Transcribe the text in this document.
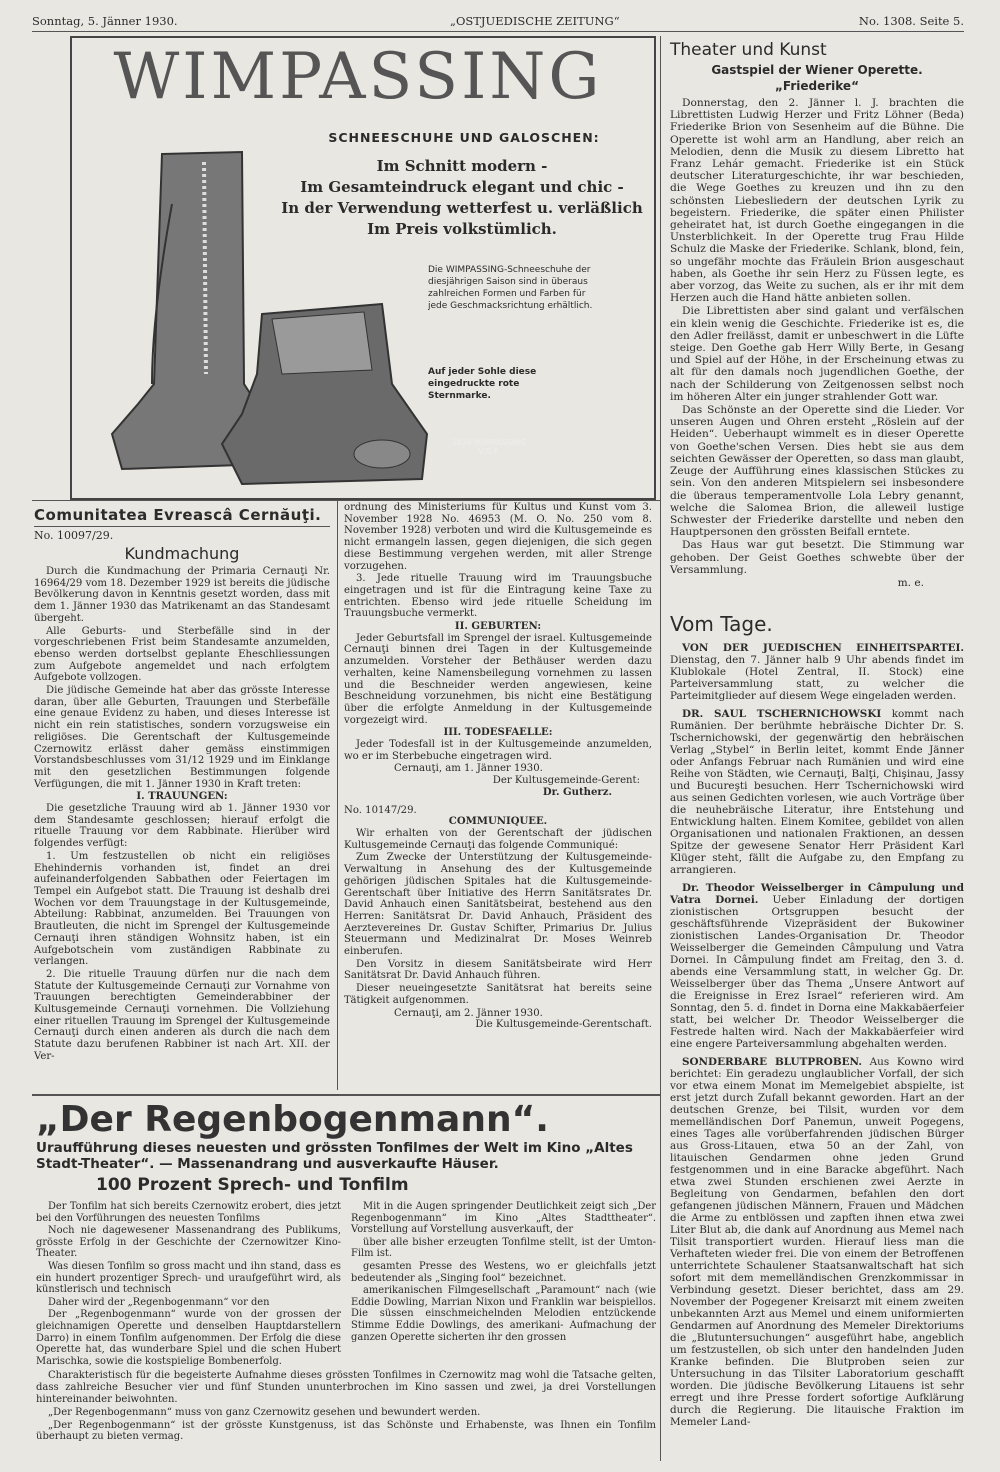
Sonntag, 5. Jänner 1930.	„OSTJUEDISCHE ZEITUNG“	No. 1308. Seite 5.
WIMPASSING
SCHNEESCHUHE UND GALOSCHEN:
Im Schnitt modern -
Im Gesamteindruck elegant und chic -
In der Verwendung wetterfest u. verläßlich
Im Preis volkstümlich.
Die WIMPASSING-Schneeschuhe der diesjährigen Saison sind in überaus zahlreichen Formen und Farben für jede Geschmacksrichtung erhältlich.
Auf jeder Sohle diese eingedruckte rote Sternmarke.
1824 WIMPASSING V.G.F.
Theater und Kunst
Gastspiel der Wiener Operette.
„Friederike“

Donnerstag, den 2. Jänner l. J. brachten die Librettisten Ludwig Herzer und Fritz Löhner (Beda) Friederike Brion von Sesenheim auf die Bühne. Die Operette ist wohl arm an Handlung, aber reich an Melodien, denn die Musik zu diesem Libretto hat Franz Lehár gemacht. Friederike ist ein Stück deutscher Literaturgeschichte, ihr war beschieden, die Wege Goethes zu kreuzen und ihn zu den schönsten Liebesliedern der deutschen Lyrik zu begeistern. Friederike, die später einen Philister geheiratet hat, ist durch Goethe eingegangen in die Unsterblichkeit. In der Operette trug Frau Hilde Schulz die Maske der Friederike. Schlank, blond, fein, so ungefähr mochte das Fräulein Brion ausgeschaut haben, als Goethe ihr sein Herz zu Füssen legte, es aber vorzog, das Weite zu suchen, als er ihr mit dem Herzen auch die Hand hätte anbieten sollen.

Die Librettisten aber sind galant und verfälschen ein klein wenig die Geschichte. Friederike ist es, die den Adler freilässt, damit er unbeschwert in die Lüfte steige. Den Goethe gab Herr Willy Berte, in Gesang und Spiel auf der Höhe, in der Erscheinung etwas zu alt für den damals noch jugendlichen Goethe, der nach der Schilderung von Zeitgenossen selbst noch im höheren Alter ein junger strahlender Gott war.

Das Schönste an der Operette sind die Lieder. Vor unseren Augen und Ohren ersteht „Röslein auf der Heiden“. Ueberhaupt wimmelt es in dieser Operette von Goethe'schen Versen. Dies hebt sie aus dem seichten Gewässer der Operetten, so dass man glaubt, Zeuge der Aufführung eines klassischen Stückes zu sein. Von den anderen Mitspielern sei insbesondere die überaus temperamentvolle Lola Lebry genannt, welche die Salomea Brion, die alleweil lustige Schwester der Friederike darstellte und neben den Hauptpersonen den grössten Beifall erntete.

Das Haus war gut besetzt. Die Stimmung war gehoben. Der Geist Goethes schwebte über der Versammlung.

m. e.
Vom Tage.

VON DER JUEDISCHEN EINHEITSPARTEI. Dienstag, den 7. Jänner halb 9 Uhr abends findet im Klublokale (Hotel Zentral, II. Stock) eine Parteiversammlung statt, zu welcher die Parteimitglieder auf diesem Wege eingeladen werden.

DR. SAUL TSCHERNICHOWSKI kommt nach Rumänien. Der berühmte hebräische Dichter Dr. S. Tschernichowski, der gegenwärtig den hebräischen Verlag „Stybel“ in Berlin leitet, kommt Ende Jänner oder Anfangs Februar nach Rumänien und wird eine Reihe von Städten, wie Cernauţi, Balţi, Chişinau, Jassy und Bucureşti besuchen. Herr Tschernichowski wird aus seinen Gedichten vorlesen, wie auch Vorträge über die neuhebräische Literatur, ihre Entstehung und Entwicklung halten. Einem Komitee, gebildet von allen Organisationen und nationalen Fraktionen, an dessen Spitze der gewesene Senator Herr Präsident Karl Klüger steht, fällt die Aufgabe zu, den Empfang zu arrangieren.

Dr. Theodor Weisselberger in Câmpulung und Vatra Dornei. Ueber Einladung der dortigen zionistischen Ortsgruppen besucht der geschäftsführende Vizepräsident der Bukowiner zionistischen Landes-Organisation Dr. Theodor Weisselberger die Gemeinden Câmpulung und Vatra Dornei. In Câmpulung findet am Freitag, den 3. d. abends eine Versammlung statt, in welcher Gg. Dr. Weisselberger über das Thema „Unsere Antwort auf die Ereignisse in Erez Israel“ referieren wird. Am Sonntag, den 5. d. findet in Dorna eine Makkabäerfeier statt, bei welcher Dr. Theodor Weisselberger die Festrede halten wird. Nach der Makkabäerfeier wird eine engere Parteiversammlung abgehalten werden.

SONDERBARE BLUTPROBEN. Aus Kowno wird berichtet: Ein geradezu unglaublicher Vorfall, der sich vor etwa einem Monat im Memelgebiet abspielte, ist erst jetzt durch Zufall bekannt geworden. Hart an der deutschen Grenze, bei Tilsit, wurden vor dem memelländischen Dorf Panemun, unweit Pogegens, eines Tages alle vorüberfahrenden jüdischen Bürger aus Gross-Litauen, etwa 50 an der Zahl, von litauischen Gendarmen ohne jeden Grund festgenommen und in eine Baracke abgeführt. Nach etwa zwei Stunden erschienen zwei Aerzte in Begleitung von Gendarmen, befahlen den dort gefangenen jüdischen Männern, Frauen und Mädchen die Arme zu entblössen und zapften ihnen etwa zwei Liter Blut ab, die dank auf Anordnung aus Memel nach Tilsit transportiert wurden. Hierauf liess man die Verhafteten wieder frei. Die von einem der Betroffenen unterrichtete Schaulener Staatsanwaltschaft hat sich sofort mit dem memelländischen Grenzkommissar in Verbindung gesetzt. Dieser berichtet, dass am 29. November der Pogegener Kreisarzt mit einem zweiten unbekannten Arzt aus Memel und einem uniformierten Gendarmen auf Anordnung des Memeler Direktoriums die „Blutuntersuchungen“ ausgeführt habe, angeblich um festzustellen, ob sich unter den handelnden Juden Kranke befinden. Die Blutproben seien zur Untersuchung in das Tilsiter Laboratorium geschafft worden. Die jüdische Bevölkerung Litauens ist sehr erregt und ihre Presse fordert sofortige Aufklärung durch die Regierung. Die litauische Fraktion im Memeler Land-

Comunitatea Evreascâ Cernăuţi.
No. 10097/29.
Kundmachung

Durch die Kundmachung der Primaria Cernauţi Nr. 16964/29 vom 18. Dezember 1929 ist bereits die jüdische Bevölkerung davon in Kenntnis gesetzt worden, dass mit dem 1. Jänner 1930 das Matrikenamt an das Standesamt übergeht.

Alle Geburts- und Sterbefälle sind in der vorgeschriebenen Frist beim Standesamte anzumelden, ebenso werden dortselbst geplante Eheschliessungen zum Aufgebote angemeldet und nach erfolgtem Aufgebote vollzogen.

Die jüdische Gemeinde hat aber das grösste Interesse daran, über alle Geburten, Trauungen und Sterbefälle eine genaue Evidenz zu haben, und dieses Interesse ist nicht ein rein statistisches, sondern vorzugsweise ein religiöses. Die Gerentschaft der Kultusgemeinde Czernowitz erlässt daher gemäss einstimmigen Vorstandsbeschlusses vom 31/12 1929 und im Einklange mit den gesetzlichen Bestimmungen folgende Verfügungen, die mit 1. Jänner 1930 in Kraft treten:

I. TRAUUNGEN:

Die gesetzliche Trauung wird ab 1. Jänner 1930 vor dem Standesamte geschlossen; hierauf erfolgt die rituelle Trauung vor dem Rabbinate. Hierüber wird folgendes verfügt:

1. Um festzustellen ob nicht ein religiöses Ehehindernis vorhanden ist, findet an drei aufeinanderfolgenden Sabbathen oder Feiertagen im Tempel ein Aufgebot statt. Die Trauung ist deshalb drei Wochen vor dem Trauungstage in der Kultusgemeinde, Abteilung: Rabbinat, anzumelden. Bei Trauungen von Brautleuten, die nicht im Sprengel der Kultusgemeinde Cernauţi ihren ständigen Wohnsitz haben, ist ein Aufgebotschein vom zuständigen Rabbinate zu verlangen.

2. Die rituelle Trauung dürfen nur die nach dem Statute der Kultusgemeinde Cernauţi zur Vornahme von Trauungen berechtigten Gemeinderabbiner der Kultusgemeinde Cernauţi vornehmen. Die Vollziehung einer rituellen Trauung im Sprengel der Kultusgemeinde Cernauţi durch einen anderen als durch die nach dem Statute dazu berufenen Rabbiner ist nach Art. XII. der Ver-

ordnung des Ministeriums für Kultus und Kunst vom 3. November 1928 No. 46953 (M. O. No. 250 vom 8. November 1928) verboten und wird die Kultusgemeinde es nicht ermangeln lassen, gegen diejenigen, die sich gegen diese Bestimmung vergehen werden, mit aller Strenge vorzugehen.

3. Jede rituelle Trauung wird im Trauungsbuche eingetragen und ist für die Eintragung keine Taxe zu entrichten. Ebenso wird jede rituelle Scheidung im Trauungsbuche vermerkt.

II. GEBURTEN:

Jeder Geburtsfall im Sprengel der israel. Kultusgemeinde Cernauţi binnen drei Tagen in der Kultusgemeinde anzumelden. Vorsteher der Bethäuser werden dazu verhalten, keine Namensbeilegung vornehmen zu lassen und die Beschneider werden angewiesen, keine Beschneidung vorzunehmen, bis nicht eine Bestätigung über die erfolgte Anmeldung in der Kultusgemeinde vorgezeigt wird.

III. TODESFAELLE:

Jeder Todesfall ist in der Kultusgemeinde anzumelden, wo er im Sterbebuche eingetragen wird.

Cernauţi, am 1. Jänner 1930.
Der Kultusgemeinde-Gerent:
Dr. Gutherz.
No. 10147/29.
COMMUNIQUEE.

Wir erhalten von der Gerentschaft der jüdischen Kultusgemeinde Cernauţi das folgende Communiqué:

Zum Zwecke der Unterstützung der Kultusgemeinde-Verwaltung in Ansehung des der Kultusgemeinde gehörigen jüdischen Spitales hat die Kultusgemeinde-Gerentschaft über Initiative des Herrn Sanitätsrates Dr. David Anhauch einen Sanitätsbeirat, bestehend aus den Herren: Sanitätsrat Dr. David Anhauch, Präsident des Aerztevereines Dr. Gustav Schifter, Primarius Dr. Julius Steuermann und Medizinalrat Dr. Moses Weinreb einberufen.

Den Vorsitz in diesem Sanitätsbeirate wird Herr Sanitätsrat Dr. David Anhauch führen.

Dieser neueingesetzte Sanitätsrat hat bereits seine Tätigkeit aufgenommen.

Cernauţi, am 2. Jänner 1930.
Die Kultusgemeinde-Gerentschaft.
„Der Regenbogenmann“.
Uraufführung dieses neuesten und grössten Tonfilmes der Welt im Kino „Altes Stadt-Theater“. — Massenandrang und ausverkaufte Häuser.
100 Prozent Sprech- und Tonfilm

Der Tonfilm hat sich bereits Czernowitz erobert, dies jetzt bei den Vorführungen des neuesten Tonfilms

Noch nie dagewesener Massenandrang des Publikums, grösste Erfolg in der Geschichte der Czernowitzer Kino-Theater.

Was diesen Tonfilm so gross macht und ihn stand, dass es ein hundert prozentiger Sprech- und uraufgeführt wird, als künstlerisch und technisch

Daher wird der „Regenbogenmann“ vor den

Der „Regenbogenmann“ wurde von der grossen der gleichnamigen Operette und denselben Hauptdarstellern Darro) in einem Tonfilm aufgenommen. Der Erfolg die diese Operette hat, das wunderbare Spiel und die schen Hubert Marischka, sowie die kostspielige Bombenerfolg.

Mit in die Augen springender Deutlichkeit zeigt sich „Der Regenbogenmann“ im Kino „Altes Stadttheater“. Vorstellung auf Vorstellung ausverkauft, der

über alle bisher erzeugten Tonfilme stellt, ist der Umton-Film ist.

gesamten Presse des Westens, wo er gleichfalls jetzt bedeutender als „Singing fool“ bezeichnet.

amerikanischen Filmgesellschaft „Paramount“ nach (wie Eddie Dowling, Marrian Nixon und Franklin war beispiellos. Die süssen einschmeichelnden Melodien entzückende Stimme Eddie Dowlings, des amerikani- Aufmachung der ganzen Operette sicherten ihr den grossen

Charakteristisch für die begeisterte Aufnahme dieses grössten Tonfilmes in Czernowitz mag wohl die Tatsache gelten, dass zahlreiche Besucher vier und fünf Stunden ununterbrochen im Kino sassen und zwei, ja drei Vorstellungen hintereinander beiwohnten.

„Der Regenbogenmann“ muss von ganz Czernowitz gesehen und bewundert werden.

„Der Regenbogenmann“ ist der grösste Kunstgenuss, ist das Schönste und Erhabenste, was Ihnen ein Tonfilm überhaupt zu bieten vermag.
